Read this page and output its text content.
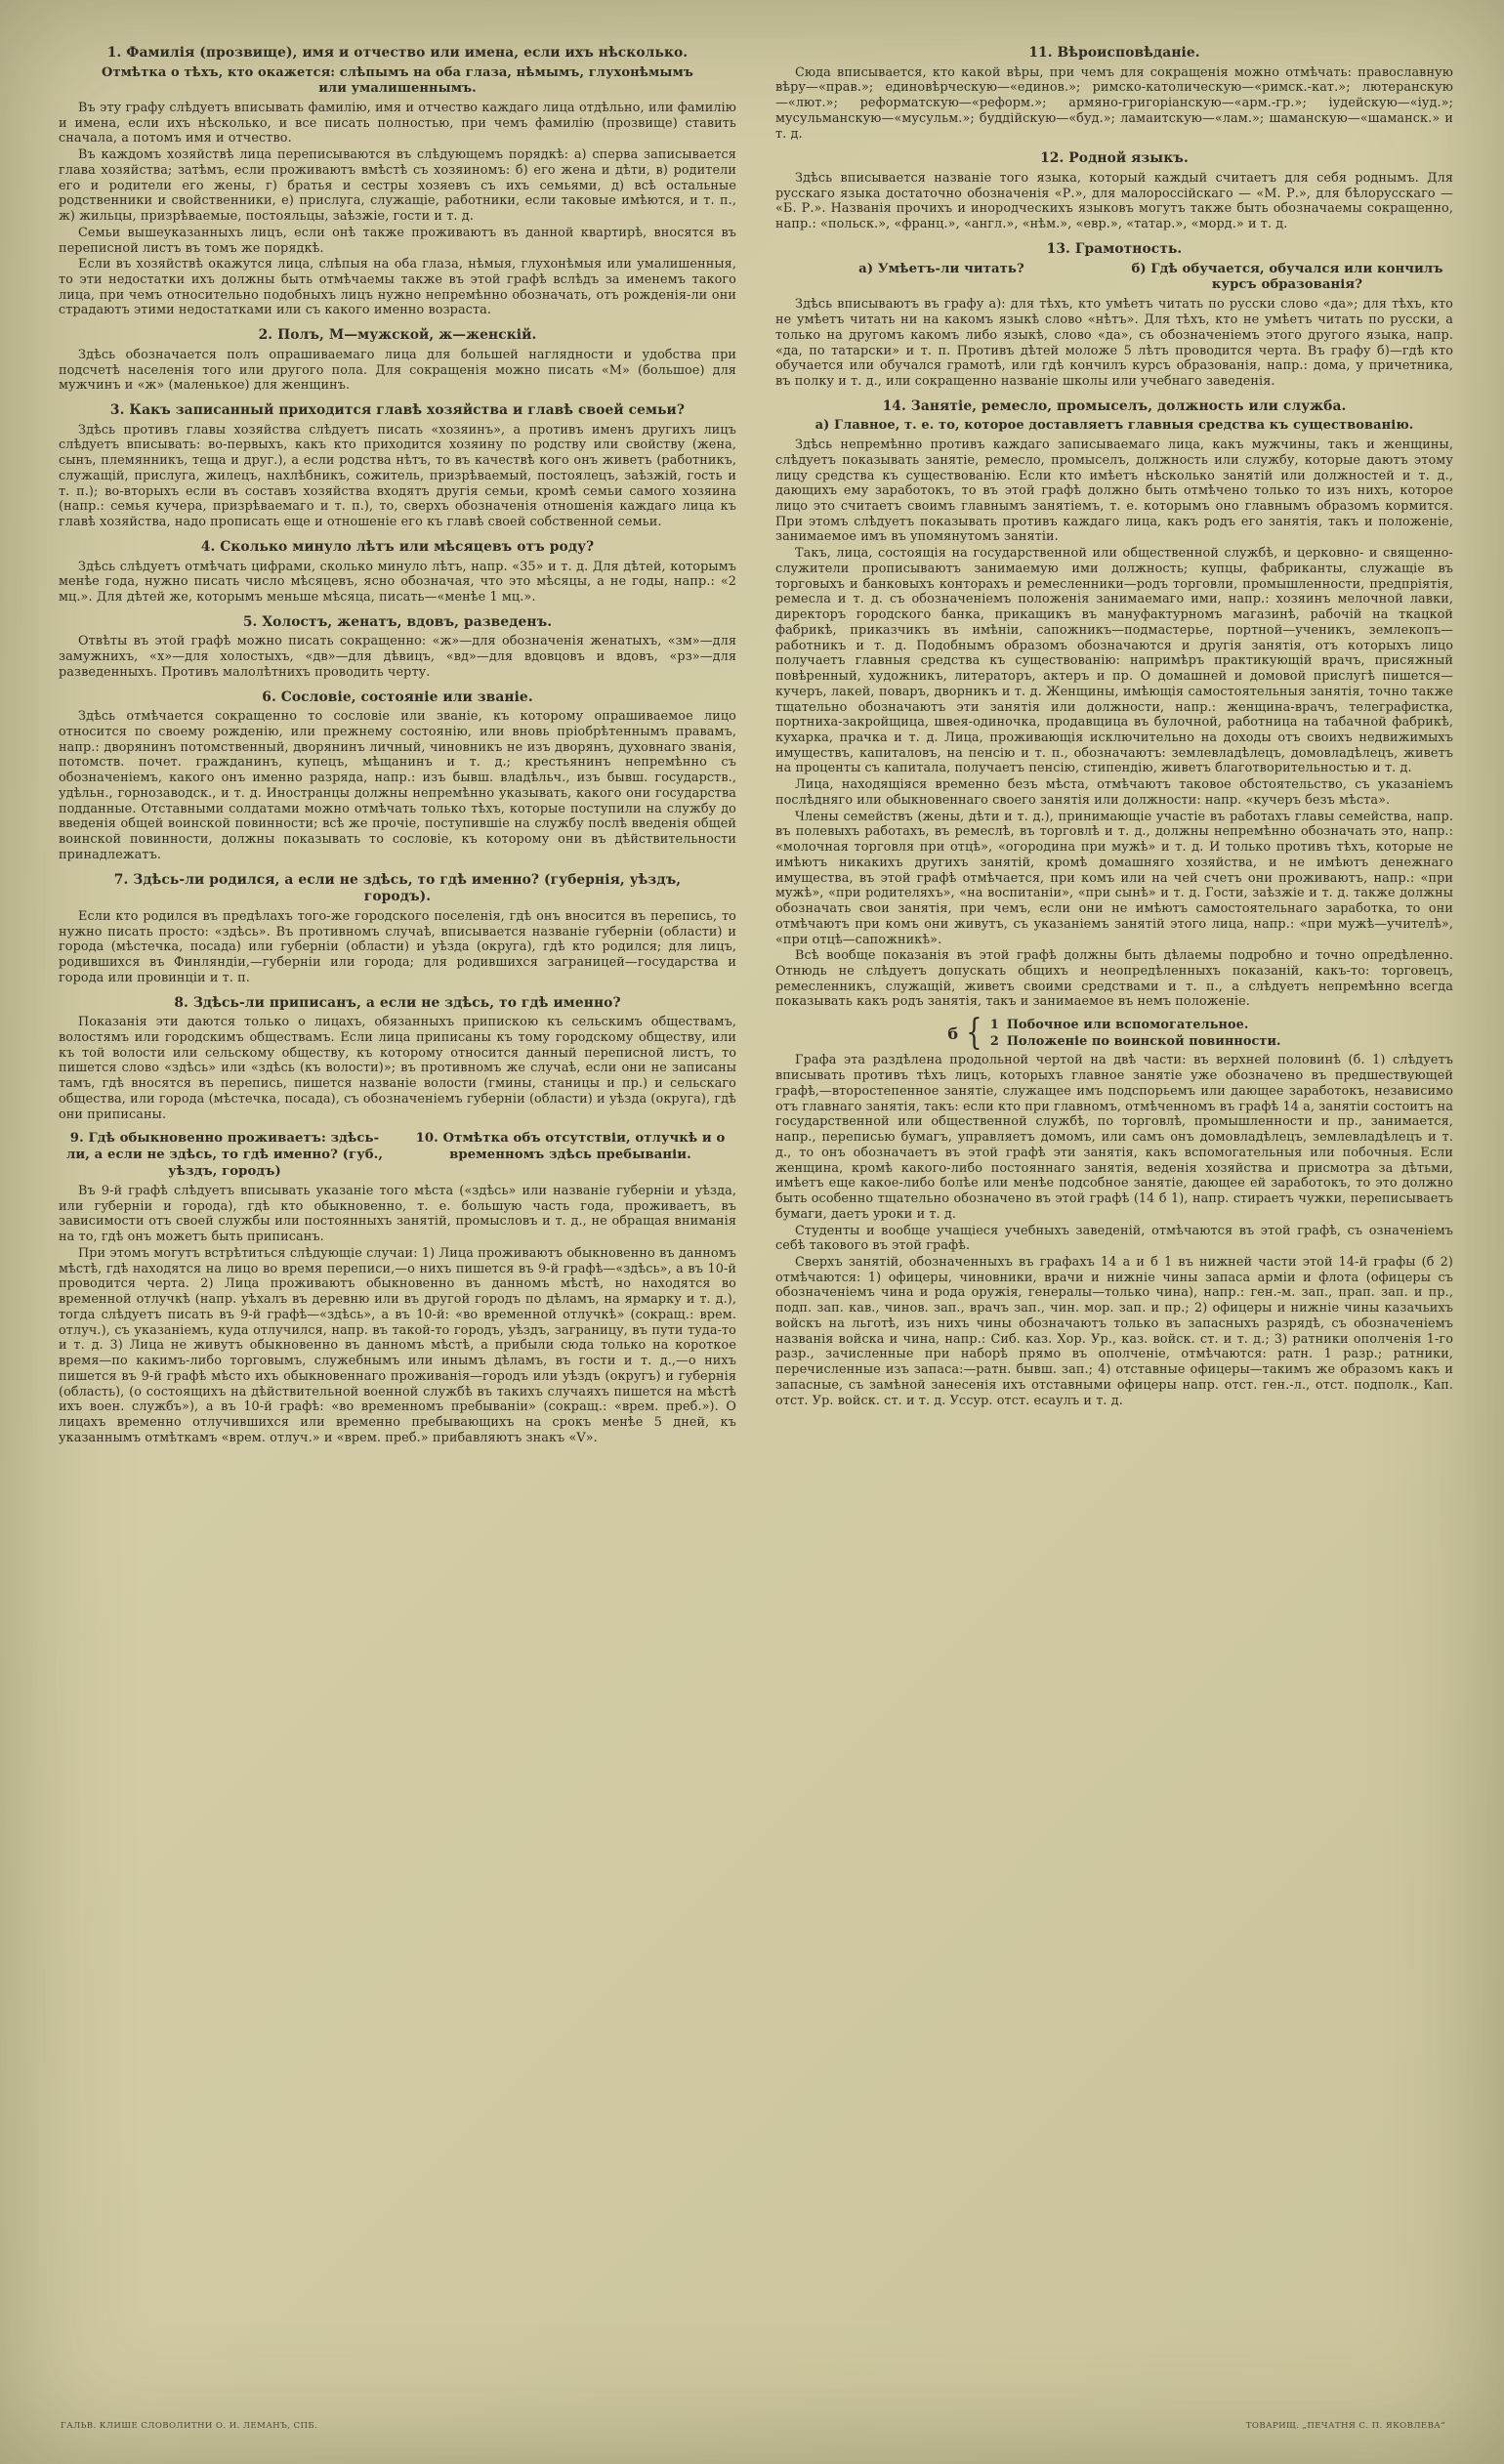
1. Фамилія (прозвище), имя и отчество или имена, если ихъ нѣсколько.
Отмѣтка о тѣхъ, кто окажется: слѣпымъ на оба глаза, нѣмымъ, глухонѣмымъ или умалишеннымъ.

Въ эту графу слѣдуетъ вписывать фамилію, имя и отчество каждаго лица отдѣльно, или фамилію и имена, если ихъ нѣсколько, и все писать полностью, при чемъ фамилію (прозвище) ставить сначала, а потомъ имя и отчество.

Въ каждомъ хозяйствѣ лица переписываются въ слѣдующемъ порядкѣ: а) сперва записывается глава хозяйства; затѣмъ, если проживаютъ вмѣстѣ съ хозяиномъ: б) его жена и дѣти, в) родители его и родители его жены, г) братья и сестры хозяевъ съ ихъ семьями, д) всѣ остальные родственники и свойственники, е) прислуга, служащіе, работники, если таковые имѣются, и т. п., ж) жильцы, призрѣваемые, постояльцы, заѣзжіе, гости и т. д.

Семьи вышеуказанныхъ лицъ, если онѣ также проживаютъ въ данной квартирѣ, вносятся въ переписной листъ въ томъ же порядкѣ.

Если въ хозяйствѣ окажутся лица, слѣпыя на оба глаза, нѣмыя, глухонѣмыя или умалишенныя, то эти недостатки ихъ должны быть отмѣчаемы также въ этой графѣ вслѣдъ за именемъ такого лица, при чемъ относительно подобныхъ лицъ нужно непремѣнно обозначать, отъ рожденія-ли они страдаютъ этими недостатками или съ какого именно возраста.

2. Полъ, М—мужской, ж—женскій.

Здѣсь обозначается полъ опрашиваемаго лица для большей наглядности и удобства при подсчетѣ населенія того или другого пола. Для сокращенія можно писать «М» (большое) для мужчинъ и «ж» (маленькое) для женщинъ.

3. Какъ записанный приходится главѣ хозяйства и главѣ своей семьи?

Здѣсь противъ главы хозяйства слѣдуетъ писать «хозяинъ», а противъ именъ другихъ лицъ слѣдуетъ вписывать: во-первыхъ, какъ кто приходится хозяину по родству или свойству (жена, сынъ, племянникъ, теща и друг.), а если родства нѣтъ, то въ качествѣ кого онъ живетъ (работникъ, служащій, прислуга, жилецъ, нахлѣбникъ, сожитель, призрѣваемый, постоялецъ, заѣзжій, гость и т. п.); во-вторыхъ если въ составъ хозяйства входятъ другія семьи, кромѣ семьи самого хозяина (напр.: семья кучера, призрѣваемаго и т. п.), то, сверхъ обозначенія отношенія каждаго лица къ главѣ хозяйства, надо прописать еще и отношеніе его къ главѣ своей собственной семьи.

4. Сколько минуло лѣтъ или мѣсяцевъ отъ роду?

Здѣсь слѣдуетъ отмѣчать цифрами, сколько минуло лѣтъ, напр. «35» и т. д. Для дѣтей, которымъ менѣе года, нужно писать число мѣсяцевъ, ясно обозначая, что это мѣсяцы, а не годы, напр.: «2 мц.». Для дѣтей же, которымъ меньше мѣсяца, писать—«менѣе 1 мц.».

5. Холостъ, женатъ, вдовъ, разведенъ.

Отвѣты въ этой графѣ можно писать сокращенно: «ж»—для обозначенія женатыхъ, «зм»—для замужнихъ, «х»—для холостыхъ, «дв»—для дѣвицъ, «вд»—для вдовцовъ и вдовъ, «рз»—для разведенныхъ. Противъ малолѣтнихъ проводить черту.

6. Сословіе, состояніе или званіе.

Здѣсь отмѣчается сокращенно то сословіе или званіе, къ которому опрашиваемое лицо относится по своему рожденію, или прежнему состоянію, или вновь пріобрѣтеннымъ правамъ, напр.: дворянинъ потомственный, дворянинъ личный, чиновникъ не изъ дворянъ, духовнаго званія, потомств. почет. гражданинъ, купецъ, мѣщанинъ и т. д.; крестьянинъ непремѣнно съ обозначеніемъ, какого онъ именно разряда, напр.: изъ бывш. владѣльч., изъ бывш. государств., удѣльн., горнозаводск., и т. д. Иностранцы должны непремѣнно указывать, какого они государства подданные. Отставными солдатами можно отмѣчать только тѣхъ, которые поступили на службу до введенія общей воинской повинности; всѣ же прочіе, поступившіе на службу послѣ введенія общей воинской повинности, должны показывать то сословіе, къ которому они въ дѣйствительности принадлежатъ.

7. Здѣсь-ли родился, а если не здѣсь, то гдѣ именно? (губернія, уѣздъ, городъ).

Если кто родился въ предѣлахъ того-же городского поселенія, гдѣ онъ вносится въ перепись, то нужно писать просто: «здѣсь». Въ противномъ случаѣ, вписывается названіе губерніи (области) и города (мѣстечка, посада) или губерніи (области) и уѣзда (округа), гдѣ кто родился; для лицъ, родившихся въ Финляндіи,—губерніи или города; для родившихся заграницей—государства и города или провинціи и т. п.

8. Здѣсь-ли приписанъ, а если не здѣсь, то гдѣ именно?

Показанія эти даются только о лицахъ, обязанныхъ припискою къ сельскимъ обществамъ, волостямъ или городскимъ обществамъ. Если лица приписаны къ тому городскому обществу, или къ той волости или сельскому обществу, къ которому относится данный переписной листъ, то пишется слово «здѣсь» или «здѣсь (къ волости)»; въ противномъ же случаѣ, если они не записаны тамъ, гдѣ вносятся въ перепись, пишется названіе волости (гмины, станицы и пр.) и сельскаго общества, или города (мѣстечка, посада), съ обозначеніемъ губерніи (области) и уѣзда (округа), гдѣ они приписаны.

9. Гдѣ обыкновенно проживаетъ: здѣсь-ли, а если не здѣсь, то гдѣ именно? (губ., уѣздъ, городъ)
10. Отмѣтка объ отсутствіи, отлучкѣ и о временномъ здѣсь пребываніи.

Въ 9-й графѣ слѣдуетъ вписывать указаніе того мѣста («здѣсь» или названіе губерніи и уѣзда, или губерніи и города), гдѣ кто обыкновенно, т. е. большую часть года, проживаетъ, въ зависимости отъ своей службы или постоянныхъ занятій, промысловъ и т. д., не обращая вниманія на то, гдѣ онъ можетъ быть приписанъ.

При этомъ могутъ встрѣтиться слѣдующіе случаи: 1) Лица проживаютъ обыкновенно въ данномъ мѣстѣ, гдѣ находятся на лицо во время переписи,—о нихъ пишется въ 9-й графѣ—«здѣсь», а въ 10-й проводится черта. 2) Лица проживаютъ обыкновенно въ данномъ мѣстѣ, но находятся во временной отлучкѣ (напр. уѣхалъ въ деревню или въ другой городъ по дѣламъ, на ярмарку и т. д.), тогда слѣдуетъ писать въ 9-й графѣ—«здѣсь», а въ 10-й: «во временной отлучкѣ» (сокращ.: врем. отлуч.), съ указаніемъ, куда отлучился, напр. въ такой-то городъ, уѣздъ, заграницу, въ пути туда-то и т. д. 3) Лица не живутъ обыкновенно въ данномъ мѣстѣ, а прибыли сюда только на короткое время—по какимъ-либо торговымъ, служебнымъ или инымъ дѣламъ, въ гости и т. д.,—о нихъ пишется въ 9-й графѣ мѣсто ихъ обыкновеннаго проживанія—городъ или уѣздъ (округъ) и губернія (область), (о состоящихъ на дѣйствительной военной службѣ въ такихъ случаяхъ пишется на мѣстѣ ихъ воен. службъ»), а въ 10-й графѣ: «во временномъ пребываніи» (сокращ.: «врем. преб.»). О лицахъ временно отлучившихся или временно пребывающихъ на срокъ менѣе 5 дней, къ указаннымъ отмѣткамъ «врем. отлуч.» и «врем. преб.» прибавляютъ знакъ «V».

11. Вѣроисповѣданіе.

Сюда вписывается, кто какой вѣры, при чемъ для сокращенія можно отмѣчать: православную вѣру—«прав.»; единовѣрческую—«единов.»; римско-католическую—«римск.-кат.»; лютеранскую—«лют.»; реформатскую—«реформ.»; армяно-григоріанскую—«арм.-гр.»; іудейскую—«іуд.»; мусульманскую—«мусульм.»; буддійскую—«буд.»; ламаитскую—«лам.»; шаманскую—«шаманск.» и т. д.

12. Родной языкъ.

Здѣсь вписывается названіе того языка, который каждый считаетъ для себя роднымъ. Для русскаго языка достаточно обозначенія «Р.», для малороссійскаго — «М. Р.», для бѣлорусскаго — «Б. Р.». Названія прочихъ и инородческихъ языковъ могутъ также быть обозначаемы сокращенно, напр.: «польск.», «франц.», «англ.», «нѣм.», «евр.», «татар.», «морд.» и т. д.

13. Грамотность.
а) Умѣетъ-ли читать?	б) Гдѣ обучается, обучался или кончилъ курсъ образованія?

Здѣсь вписываютъ въ графу а): для тѣхъ, кто умѣетъ читать по русски слово «да»; для тѣхъ, кто не умѣетъ читать ни на какомъ языкѣ слово «нѣтъ». Для тѣхъ, кто не умѣетъ читать по русски, а только на другомъ какомъ либо языкѣ, слово «да», съ обозначеніемъ этого другого языка, напр. «да, по татарски» и т. п. Противъ дѣтей моложе 5 лѣтъ проводится черта. Въ графу б)—гдѣ кто обучается или обучался грамотѣ, или гдѣ кончилъ курсъ образованія, напр.: дома, у причетника, въ полку и т. д., или сокращенно названіе школы или учебнаго заведенія.

14. Занятіе, ремесло, промыселъ, должность или служба.
а) Главное, т. е. то, которое доставляетъ главныя средства къ существованію.

Здѣсь непремѣнно противъ каждаго записываемаго лица, какъ мужчины, такъ и женщины, слѣдуетъ показывать занятіе, ремесло, промыселъ, должность или службу, которые даютъ этому лицу средства къ существованію. Если кто имѣетъ нѣсколько занятій или должностей и т. д., дающихъ ему заработокъ, то въ этой графѣ должно быть отмѣчено только то изъ нихъ, которое лицо это считаетъ своимъ главнымъ занятіемъ, т. е. которымъ оно главнымъ образомъ кормится. При этомъ слѣдуетъ показывать противъ каждаго лица, какъ родъ его занятія, такъ и положеніе, занимаемое имъ въ упомянутомъ занятіи.

Такъ, лица, состоящія на государственной или общественной службѣ, и церковно- и священно-служители прописываютъ занимаемую ими должность; купцы, фабриканты, служащіе въ торговыхъ и банковыхъ конторахъ и ремесленники—родъ торговли, промышленности, предпріятія, ремесла и т. д. съ обозначеніемъ положенія занимаемаго ими, напр.: хозяинъ мелочной лавки, директоръ городского банка, прикащикъ въ мануфактурномъ магазинѣ, рабочій на ткацкой фабрикѣ, приказчикъ въ имѣніи, сапожникъ—подмастерье, портной—ученикъ, землекопъ—работникъ и т. д. Подобнымъ образомъ обозначаются и другія занятія, отъ которыхъ лицо получаетъ главныя средства къ существованію: напримѣръ практикующій врачъ, присяжный повѣренный, художникъ, литераторъ, актеръ и пр. О домашней и домовой прислугѣ пишется—кучеръ, лакей, поваръ, дворникъ и т. д. Женщины, имѣющія самостоятельныя занятія, точно также тщательно обозначаютъ эти занятія или должности, напр.: женщина-врачъ, телеграфистка, портниха-закройщица, швея-одиночка, продавщица въ булочной, работница на табачной фабрикѣ, кухарка, прачка и т. д. Лица, проживающія исключительно на доходы отъ своихъ недвижимыхъ имуществъ, капиталовъ, на пенсію и т. п., обозначаютъ: землевладѣлецъ, домовладѣлецъ, живетъ на проценты съ капитала, получаетъ пенсію, стипендію, живетъ благотворительностью и т. д.

Лица, находящіяся временно безъ мѣста, отмѣчаютъ таковое обстоятельство, съ указаніемъ послѣдняго или обыкновеннаго своего занятія или должности: напр. «кучеръ безъ мѣста».

Члены семействъ (жены, дѣти и т. д.), принимающіе участіе въ работахъ главы семейства, напр. въ полевыхъ работахъ, въ ремеслѣ, въ торговлѣ и т. д., должны непремѣнно обозначать это, напр.: «молочная торговля при отцѣ», «огородина при мужѣ» и т. д. И только противъ тѣхъ, которые не имѣютъ никакихъ другихъ занятій, кромѣ домашняго хозяйства, и не имѣютъ денежнаго имущества, въ этой графѣ отмѣчается, при комъ или на чей счетъ они проживаютъ, напр.: «при мужѣ», «при родителяхъ», «на воспитаніи», «при сынѣ» и т. д. Гости, заѣзжіе и т. д. также должны обозначать свои занятія, при чемъ, если они не имѣютъ самостоятельнаго заработка, то они отмѣчаютъ при комъ они живутъ, съ указаніемъ занятій этого лица, напр.: «при мужѣ—учителѣ», «при отцѣ—сапожникѣ».

Всѣ вообще показанія въ этой графѣ должны быть дѣлаемы подробно и точно опредѣленно. Отнюдь не слѣдуетъ допускать общихъ и неопредѣленныхъ показаній, какъ-то: торговецъ, ремесленникъ, служащій, живетъ своими средствами и т. п., а слѣдуетъ непремѣнно всегда показывать какъ родъ занятія, такъ и занимаемое въ немъ положеніе.

б { 1 Побочное или вспомогательное.
2 Положеніе по воинской повинности.

Графа эта раздѣлена продольной чертой на двѣ части: въ верхней половинѣ (б. 1) слѣдуетъ вписывать противъ тѣхъ лицъ, которыхъ главное занятіе уже обозначено въ предшествующей графѣ,—второстепенное занятіе, служащее имъ подспорьемъ или дающее заработокъ, независимо отъ главнаго занятія, такъ: если кто при главномъ, отмѣченномъ въ графѣ 14 а, занятіи состоитъ на государственной или общественной службѣ, по торговлѣ, промышленности и пр., занимается, напр., переписью бумагъ, управляетъ домомъ, или самъ онъ домовладѣлецъ, землевладѣлецъ и т. д., то онъ обозначаетъ въ этой графѣ эти занятія, какъ вспомогательныя или побочныя. Если женщина, кромѣ какого-либо постояннаго занятія, веденія хозяйства и присмотра за дѣтьми, имѣетъ еще какое-либо болѣе или менѣе подсобное занятіе, дающее ей заработокъ, то это должно быть особенно тщательно обозначено въ этой графѣ (14 б 1), напр. стираетъ чужки, переписываетъ бумаги, даетъ уроки и т. д.

Студенты и вообще учащіеся учебныхъ заведеній, отмѣчаются въ этой графѣ, съ означеніемъ себѣ такового въ этой графѣ.

Сверхъ занятій, обозначенныхъ въ графахъ 14 а и б 1 въ нижней части этой 14-й графы (б 2) отмѣчаются: 1) офицеры, чиновники, врачи и нижніе чины запаса арміи и флота (офицеры съ обозначеніемъ чина и рода оружія, генералы—только чина), напр.: ген.-м. зап., прап. зап. и пр., подп. зап. кав., чинов. зап., врачъ зап., чин. мор. зап. и пр.; 2) офицеры и нижніе чины казачьихъ войскъ на льготѣ, изъ нихъ чины обозначаютъ только въ запасныхъ разрядѣ, съ обозначеніемъ названія войска и чина, напр.: Сиб. каз. Хор. Ур., каз. войск. ст. и т. д.; 3) ратники ополченія 1-го разр., зачисленные при наборѣ прямо въ ополченіе, отмѣчаются: ратн. 1 разр.; ратники, перечисленные изъ запаса:—ратн. бывш. зап.; 4) отставные офицеры—такимъ же образомъ какъ и запасные, съ замѣной занесенія ихъ отставными офицеры напр. отст. ген.-л., отст. подполк., Кап. отст. Ур. войск. ст. и т. д. Уссур. отст. есаулъ и т. д.

ГАЛЬВ. КЛИШЕ СЛОВОЛИТНИ О. И. ЛЕМАНЪ, СПБ.	ТОВАРИЩ. „ПЕЧАТНЯ С. П. ЯКОВЛЕВА“
